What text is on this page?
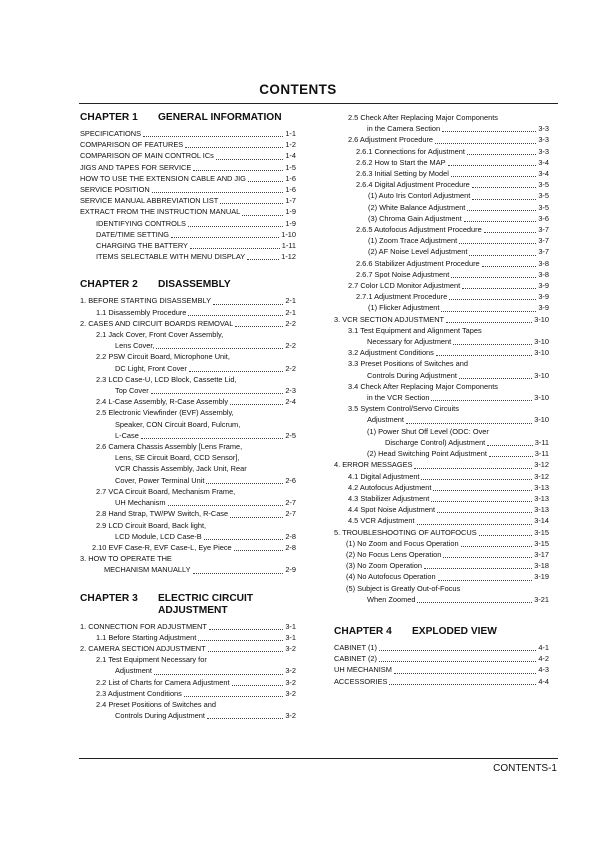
CONTENTS
CHAPTER 1 GENERAL INFORMATION
SPECIFICATIONS	1-1
COMPARISON OF FEATURES	1-2
COMPARISON OF MAIN CONTROL ICs	1-4
JIGS AND TAPES FOR SERVICE	1-5
HOW TO USE THE EXTENSION CABLE AND JIG	1-6
SERVICE POSITION	1-6
SERVICE MANUAL ABBREVIATION LIST	1-7
EXTRACT FROM THE INSTRUCTION MANUAL	1-9
IDENTIFYING CONTROLS	1-9
DATE/TIME SETTING	1-10
CHARGING THE BATTERY	1-11
ITEMS SELECTABLE WITH MENU DISPLAY	1-12
CHAPTER 2 DISASSEMBLY
1. BEFORE STARTING DISASSEMBLY	2-1
1.1 Disassembly Procedure	2-1
2. CASES AND CIRCUIT BOARDS REMOVAL	2-2
2.1 Jack Cover, Front Cover Assembly,
Lens Cover,	2-2
2.2 PSW Circuit Board, Microphone Unit,
DC Light, Front Cover	2-2
2.3 LCD Case-U, LCD Block, Cassette Lid,
Top Cover	2-3
2.4 L-Case Assembly, R-Case Assembly	2-4
2.5 Electronic Viewfinder (EVF) Assembly,
Speaker, CON Circuit Board, Fulcrum,
L-Case	2-5
2.6 Camera Chassis Assembly [Lens Frame,
Lens, SE Circuit Board, CCD Sensor],
VCR Chassis Assembly, Jack Unit, Rear
Cover, Power Terminal Unit	2-6
2.7 VCA Circuit Board, Mechanism Frame,
UH Mechanism	2-7
2.8 Hand Strap, TW/PW Switch, R-Case	2-7
2.9 LCD Circuit Board, Back light,
LCD Module, LCD Case-B	2-8
2.10 EVF Case-R, EVF Case-L, Eye Piece	2-8
3. HOW TO OPERATE THE
MECHANISM MANUALLY	2-9
CHAPTER 3 ELECTRIC CIRCUIT
ADJUSTMENT
1. CONNECTION FOR ADJUSTMENT	3-1
1.1 Before Starting Adjustment	3-1
2. CAMERA SECTION ADJUSTMENT	3-2
2.1 Test Equipment Necessary for
Adjustment	3-2
2.2 List of Charts for Camera Adjustment	3-2
2.3 Adjustment Conditions	3-2
2.4 Preset Positions of Switches and
Controls During Adjustment	3-2
2.5 Check After Replacing Major Components
in the Camera Section	3-3
2.6 Adjustment Procedure	3-3
2.6.1 Connections for Adjustment	3-3
2.6.2 How to Start the MAP	3-4
2.6.3 Initial Setting by Model	3-4
2.6.4 Digital Adjustment Procedure	3-5
(1) Auto Iris Contorl Adjustment	3-5
(2) White Balance Adjustment	3-5
(3) Chroma Gain Adjustment	3-6
2.6.5 Autofocus Adjustment Procedure	3-7
(1) Zoom Trace Adjustment	3-7
(2) AF Noise Level Adjustment	3-7
2.6.6 Stabilizer Adjustment Procedure	3-8
2.6.7 Spot Noise Adjustment	3-8
2.7 Color LCD Monitor Adjustment	3-9
2.7.1 Adjustment Procedure	3-9
(1) Flicker Adjustment	3-9
3. VCR SECTION ADJUSTMENT	3-10
3.1 Test Equipment and Alignment Tapes
Necessary for Adjustment	3-10
3.2 Adjustment Conditions	3-10
3.3 Preset Positions of Switches and
Controls During Adjustment	3-10
3.4 Check After Replacing Major Components
in the VCR Section	3-10
3.5 System Control/Servo Circuits
Adjustment	3-10
(1) Power Shut Off Level (ODC: Over
Discharge Control) Adjustment	3-11
(2) Head Switching Point Adjustment	3-11
4. ERROR MESSAGES	3-12
4.1 Digital Adjustment	3-12
4.2 Autofocus Adjustment	3-13
4.3 Stabilizer Adjustment	3-13
4.4 Spot Noise Adjustment	3-13
4.5 VCR Adjustment	3-14
5. TROUBLESHOOTING OF AUTOFOCUS	3-15
(1) No Zoom and Focus Operation	3-15
(2) No Focus Lens Operation	3-17
(3) No Zoom Operation	3-18
(4) No Autofocus Operation	3-19
(5) Subject is Greatly Out-of-Focus
When Zoomed	3-21
CHAPTER 4 EXPLODED VIEW
CABINET (1)	4-1
CABINET (2)	4-2
UH MECHANISM	4-3
ACCESSORIES	4-4
CONTENTS-1
